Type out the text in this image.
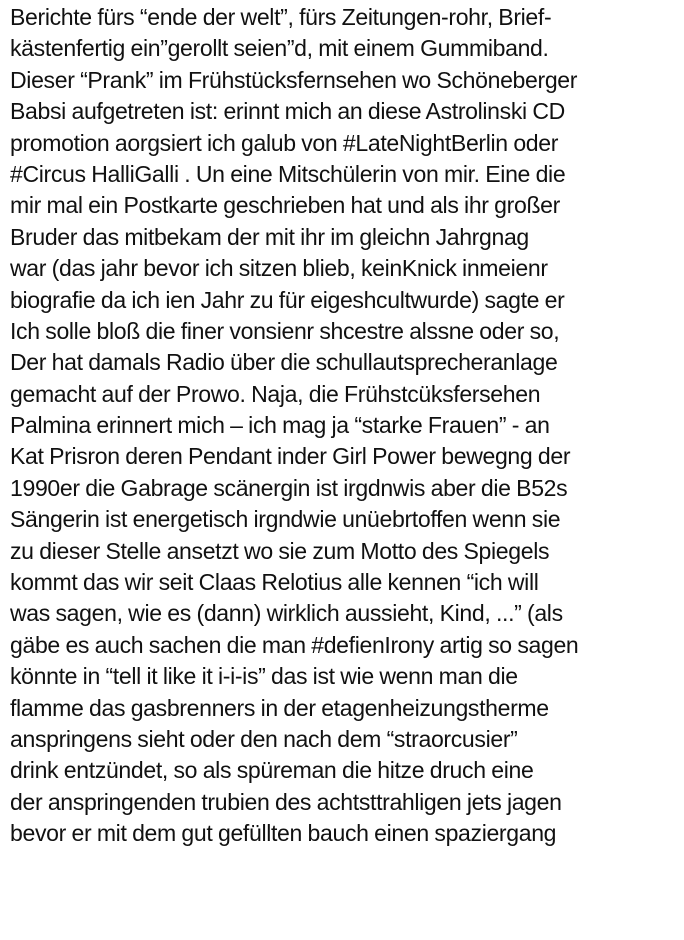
Berichte fürs “ende der welt”, fürs Zeitungen-rohr, Brief-
kästenfertig ein”gerollt seien”d, mit einem Gummiband.
Dieser “Prank” im Frühstücksfernsehen wo Schöneberger
Babsi aufgetreten ist: erinnt mich an diese Astrolinski CD
promotion aorgsiert ich galub von #LateNightBerlin oder
#Circus HalliGalli . Un eine Mitschülerin von mir. Eine die
mir mal ein Postkarte geschrieben hat und als ihr großer
Bruder das mitbekam der mit ihr im gleichn Jahrgnag
war (das jahr bevor ich sitzen blieb, keinKnick inmeienr
biografie da ich ien Jahr zu für eigeshcultwurde) sagte er
Ich solle bloß die finer vonsienr shcestre alssne oder so,
Der hat damals Radio über die schullautsprecheranlage
gemacht auf der Prowo. Naja, die Frühstcüksfersehen
Palmina erinnert mich – ich mag ja “starke Frauen” - an
Kat Prisron deren Pendant inder Girl Power bewegng der
1990er die Gabrage scänergin ist irgdnwis aber die B52s
Sängerin ist energetisch irgndwie unüebrtoffen wenn sie
zu dieser Stelle ansetzt wo sie zum Motto des Spiegels
kommt das wir seit Claas Relotius alle kennen “ich will
was sagen, wie es (dann) wirklich aussieht, Kind, ...” (als
gäbe es auch sachen die man #defienIrony artig so sagen
könnte in “tell it like it i-i-is” das ist wie wenn man die
flamme das gasbrenners in der etagenheizungstherme
anspringens sieht oder den nach dem “straorcusier”
drink entzündet, so als spüreman die hitze druch eine
der anspringenden trubien des achtsttrahligen jets jagen
bevor er mit dem gut gefüllten bauch einen spaziergang
